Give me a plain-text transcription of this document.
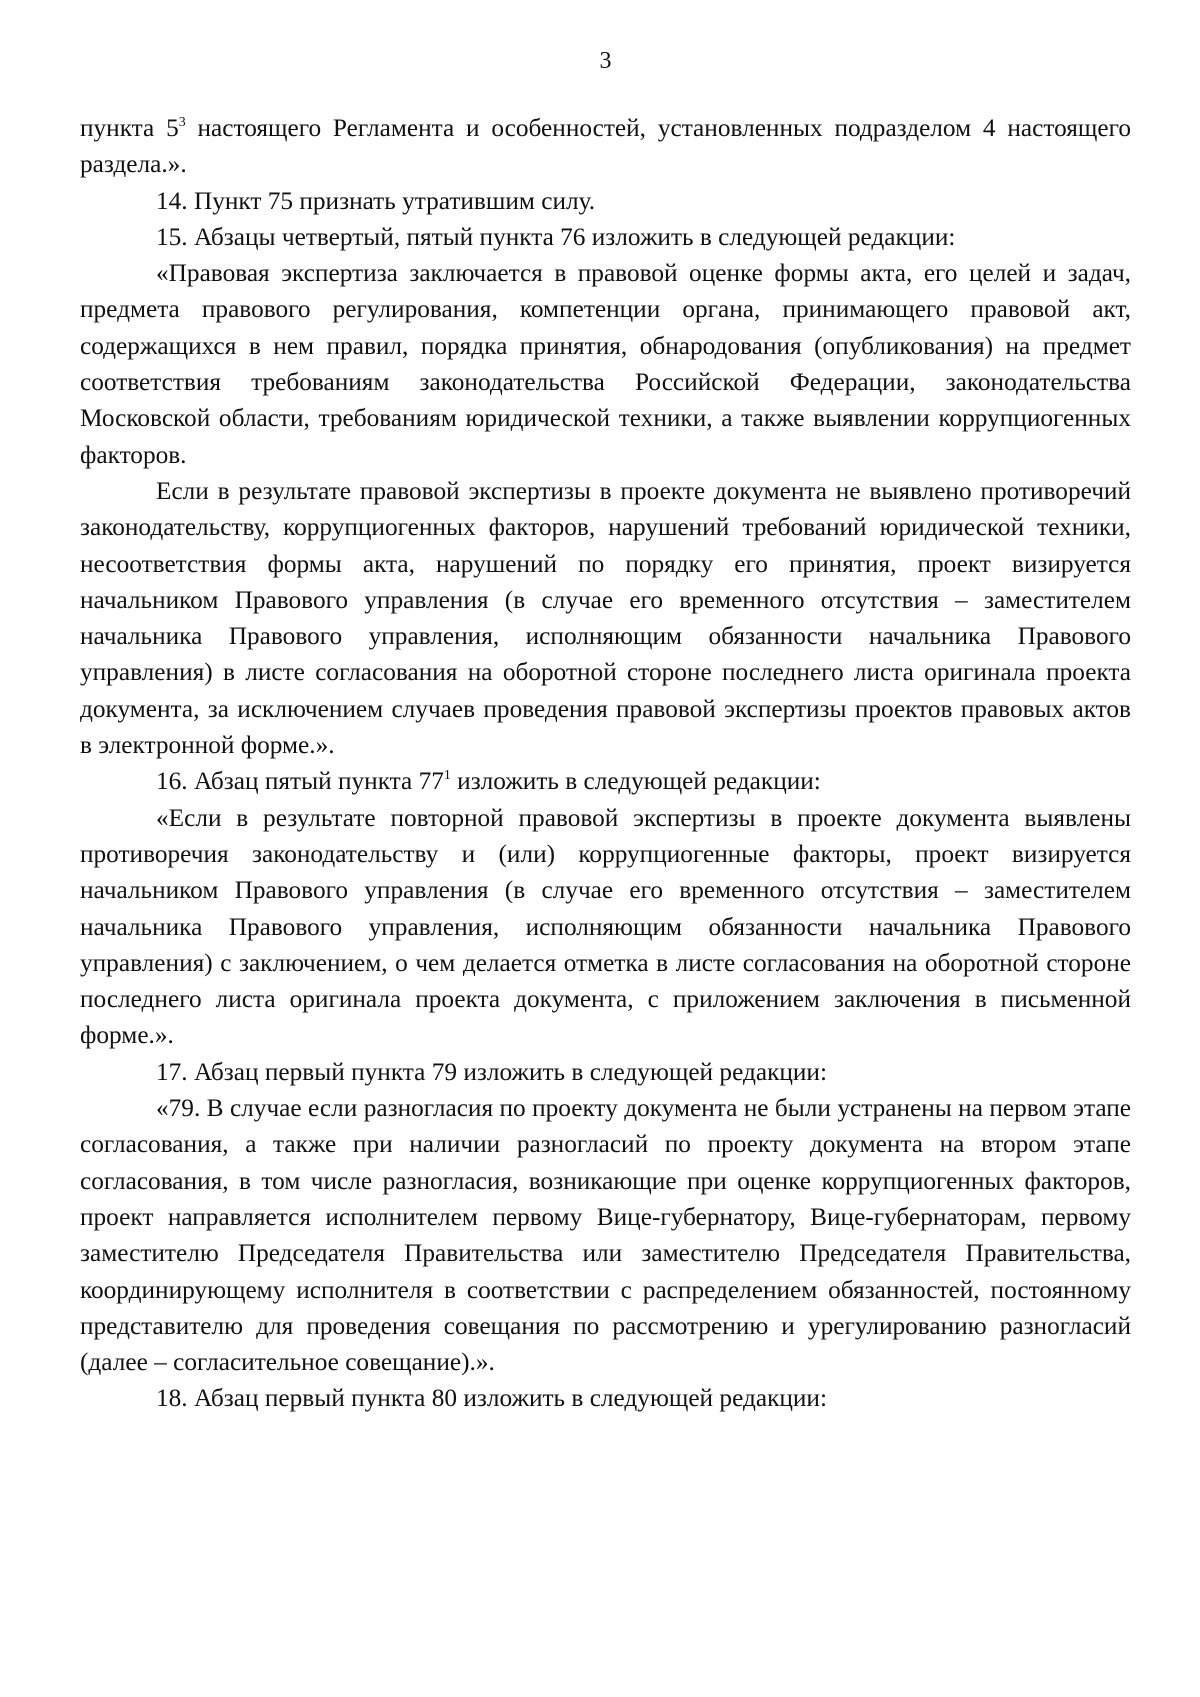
3

пункта $5^3$ настоящего Регламента и особенностей, установленных подразделом 4 настоящего раздела.».

14. Пункт 75 признать утратившим силу.

15. Абзацы четвертый, пятый пункта 76 изложить в следующей редакции:

«Правовая экспертиза заключается в правовой оценке формы акта, его целей и задач, предмета правового регулирования, компетенции органа, принимающего правовой акт, содержащихся в нем правил, порядка принятия, обнародования (опубликования) на предмет соответствия требованиям законодательства Российской Федерации, законодательства Московской области, требованиям юридической техники, а также выявлении коррупциогенных факторов.

Если в результате правовой экспертизы в проекте документа не выявлено противоречий законодательству, коррупциогенных факторов, нарушений требований юридической техники, несоответствия формы акта, нарушений по порядку его принятия, проект визируется начальником Правового управления (в случае его временного отсутствия – заместителем начальника Правового управления, исполняющим обязанности начальника Правового управления) в листе согласования на оборотной стороне последнего листа оригинала проекта документа, за исключением случаев проведения правовой экспертизы проектов правовых актов в электронной форме.».

16. Абзац пятый пункта $77^1$ изложить в следующей редакции:

«Если в результате повторной правовой экспертизы в проекте документа выявлены противоречия законодательству и (или) коррупциогенные факторы, проект визируется начальником Правового управления (в случае его временного отсутствия – заместителем начальника Правового управления, исполняющим обязанности начальника Правового управления) с заключением, о чем делается отметка в листе согласования на оборотной стороне последнего листа оригинала проекта документа, с приложением заключения в письменной форме.».

17. Абзац первый пункта 79 изложить в следующей редакции:

«79. В случае если разногласия по проекту документа не были устранены на первом этапе согласования, а также при наличии разногласий по проекту документа на втором этапе согласования, в том числе разногласия, возникающие при оценке коррупциогенных факторов, проект направляется исполнителем первому Вице-губернатору, Вице-губернаторам, первому заместителю Председателя Правительства или заместителю Председателя Правительства, координирующему исполнителя в соответствии с распределением обязанностей, постоянному представителю для проведения совещания по рассмотрению и урегулированию разногласий (далее – согласительное совещание).».

18. Абзац первый пункта 80 изложить в следующей редакции:
